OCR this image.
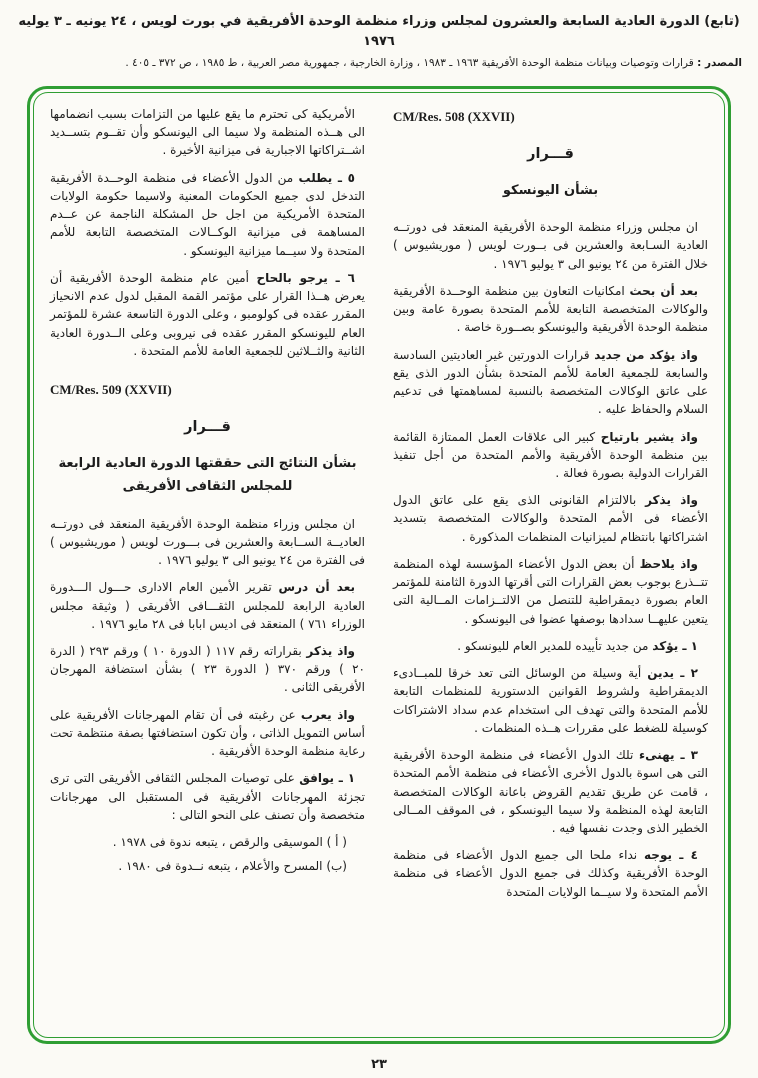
(تابع) الدورة العادية السابعة والعشرون لمجلس وزراء منظمة الوحدة الأفريقية في بورت لويس ، ٢٤ يونيه ـ ٣ يوليه ١٩٧٦
المصدر : قرارات وتوصيات وبيانات منظمة الوحدة الأفريقية ١٩٦٣ ـ ١٩٨٣ ، وزارة الخارجية ، جمهورية مصر العربية ، ط ١٩٨٥ ، ص ٣٧٢ ـ ٤٠٥ .
CM/Res. 508 (XXVII)
قـــرار
بشأن اليونسكو

ان مجلس وزراء منظمة الوحدة الأفريقية المنعقد فى دورتــه العادية السـابعة والعشرين فى بــورت لويس ( موريشيوس ) خلال الفترة من ٢٤ يونيو الى ٣ يوليو ١٩٧٦ .

بعد أن بحث امكانيات التعاون بين منظمة الوحــدة الأفريقية والوكالات المتخصصة التابعة للأمم المتحدة بصورة عامة وبين منظمة الوحدة الأفريقية واليونسكو بصــورة خاصة .

واذ يؤكد من جديد قرارات الدورتين غير العاديتين السادسة والسابعة للجمعية العامة للأمم المتحدة بشأن الدور الذى يقع على عاتق الوكالات المتخصصة بالنسبة لمساهمتها فى تدعيم السلام والحفاظ عليه .

واذ يشير بارتياح كبير الى علاقات العمل الممتازة القائمة بين منظمة الوحدة الأفريقية والأمم المتحدة من أجل تنفيذ القرارات الدولية بصورة فعالة .

واذ يذكر بالالتزام القانونى الذى يقع على عاتق الدول الأعضاء فى الأمم المتحدة والوكالات المتخصصة بتسديد اشتراكاتها بانتظام لميزانيات المنظمات المذكورة .

واذ يلاحظ أن بعض الدول الأعضاء المؤسسة لهذه المنظمة تتــذرع بوجوب بعض القرارات التى أقرتها الدورة الثامنة للمؤتمر العام بصورة ديمقراطية للتنصل من الالتــزامات المــالية التى يتعين عليهــا سدادها بوصفها عضوا فى اليونسكو .

١ ـ يؤكد من جديد تأييده للمدير العام لليونسكو .

٢ ـ يدين أية وسيلة من الوسائل التى تعد خرقا للمبــادىء الديمقراطية ولشروط القوانين الدستورية للمنظمات التابعة للأمم المتحدة والتى تهدف الى استخدام عدم سداد الاشتراكات كوسيلة للضغط على مقررات هــذه المنظمات .

٣ ـ يهنىء تلك الدول الأعضاء فى منظمة الوحدة الأفريقية التى هى اسوة بالدول الأخرى الأعضاء فى منظمة الأمم المتحدة ، قامت عن طريق تقديم القروض باعانة الوكالات المتخصصة التابعة لهذه المنظمة ولا سيما اليونسكو ، فى الموقف المــالى الخطير الذى وجدت نفسها فيه .

٤ ـ يوجه نداء ملحا الى جميع الدول الأعضاء فى منظمة الوحدة الأفريقية وكذلك فى جميع الدول الأعضاء فى منظمة الأمم المتحدة ولا سيــما الولايات المتحدة

الأمريكية كى تحترم ما يقع عليها من التزامات بسبب انضمامها الى هــذه المنظمة ولا سيما الى اليونسكو وأن تقــوم بتســديد اشــتراكاتها الاجبارية فى ميزانية الأخيرة .

٥ ـ يطلب من الدول الأعضاء فى منظمة الوحــدة الأفريقية التدخل لدى جميع الحكومات المعنية ولاسيما حكومة الولايات المتحدة الأمريكية من اجل حل المشكلة الناجمة عن عــدم المساهمة فى ميزانية الوكــالات المتخصصة التابعة للأمم المتحدة ولا سيــما ميزانية اليونسكو .

٦ ـ يرجو بالحاح أمين عام منظمة الوحدة الأفريقية أن يعرض هــذا القرار على مؤتمر القمة المقبل لدول عدم الانحياز المقرر عقده فى كولومبو ، وعلى الدورة التاسعة عشرة للمؤتمر العام لليونسكو المقرر عقده فى نيروبى وعلى الــدورة العادية الثانية والثــلاثين للجمعية العامة للأمم المتحدة .

CM/Res. 509 (XXVII)
قـــرار
بشأن النتائج التى حققتها الدورة العادية الرابعة للمجلس الثقافى الأفريقى

ان مجلس وزراء منظمة الوحدة الأفريقية المنعقد فى دورتــه العاديــة الســابعة والعشرين فى بـــورت لويس ( موريشيوس ) فى الفترة من ٢٤ يونيو الى ٣ يوليو ١٩٧٦ .

بعد أن درس تقرير الأمين العام الادارى حـــول الـــدورة العادية الرابعة للمجلس الثقـــافى الأفريقى ( وثيقة مجلس الوزراء ٧٦١ ) المنعقد فى اديس ابابا فى ٢٨ مايو ١٩٧٦ .

واذ يذكر بقراراته رقم ١١٧ ( الدورة ١٠ ) ورقم ٢٩٣ ( الدرة ٢٠ ) ورقم ٣٧٠ ( الدورة ٢٣ ) بشأن استضافة المهرجان الأفريقى الثانى .

واذ يعرب عن رغبته فى أن تقام المهرجانات الأفريقية على أساس التمويل الذاتى ، وأن تكون استضافتها بصفة منتظمة تحت رعاية منظمة الوحدة الأفريقية .

١ ـ يوافق على توصيات المجلس الثقافى الأفريقى التى ترى تجزئة المهرجانات الأفريقية فى المستقبل الى مهرجانات متخصصة وأن تصنف على النحو التالى :

( أ ) الموسيقى والرقص ، يتبعه ندوة فى ١٩٧٨ .

(ب) المسرح والأعلام ، يتبعه نــدوة فى ١٩٨٠ .

٢٣
